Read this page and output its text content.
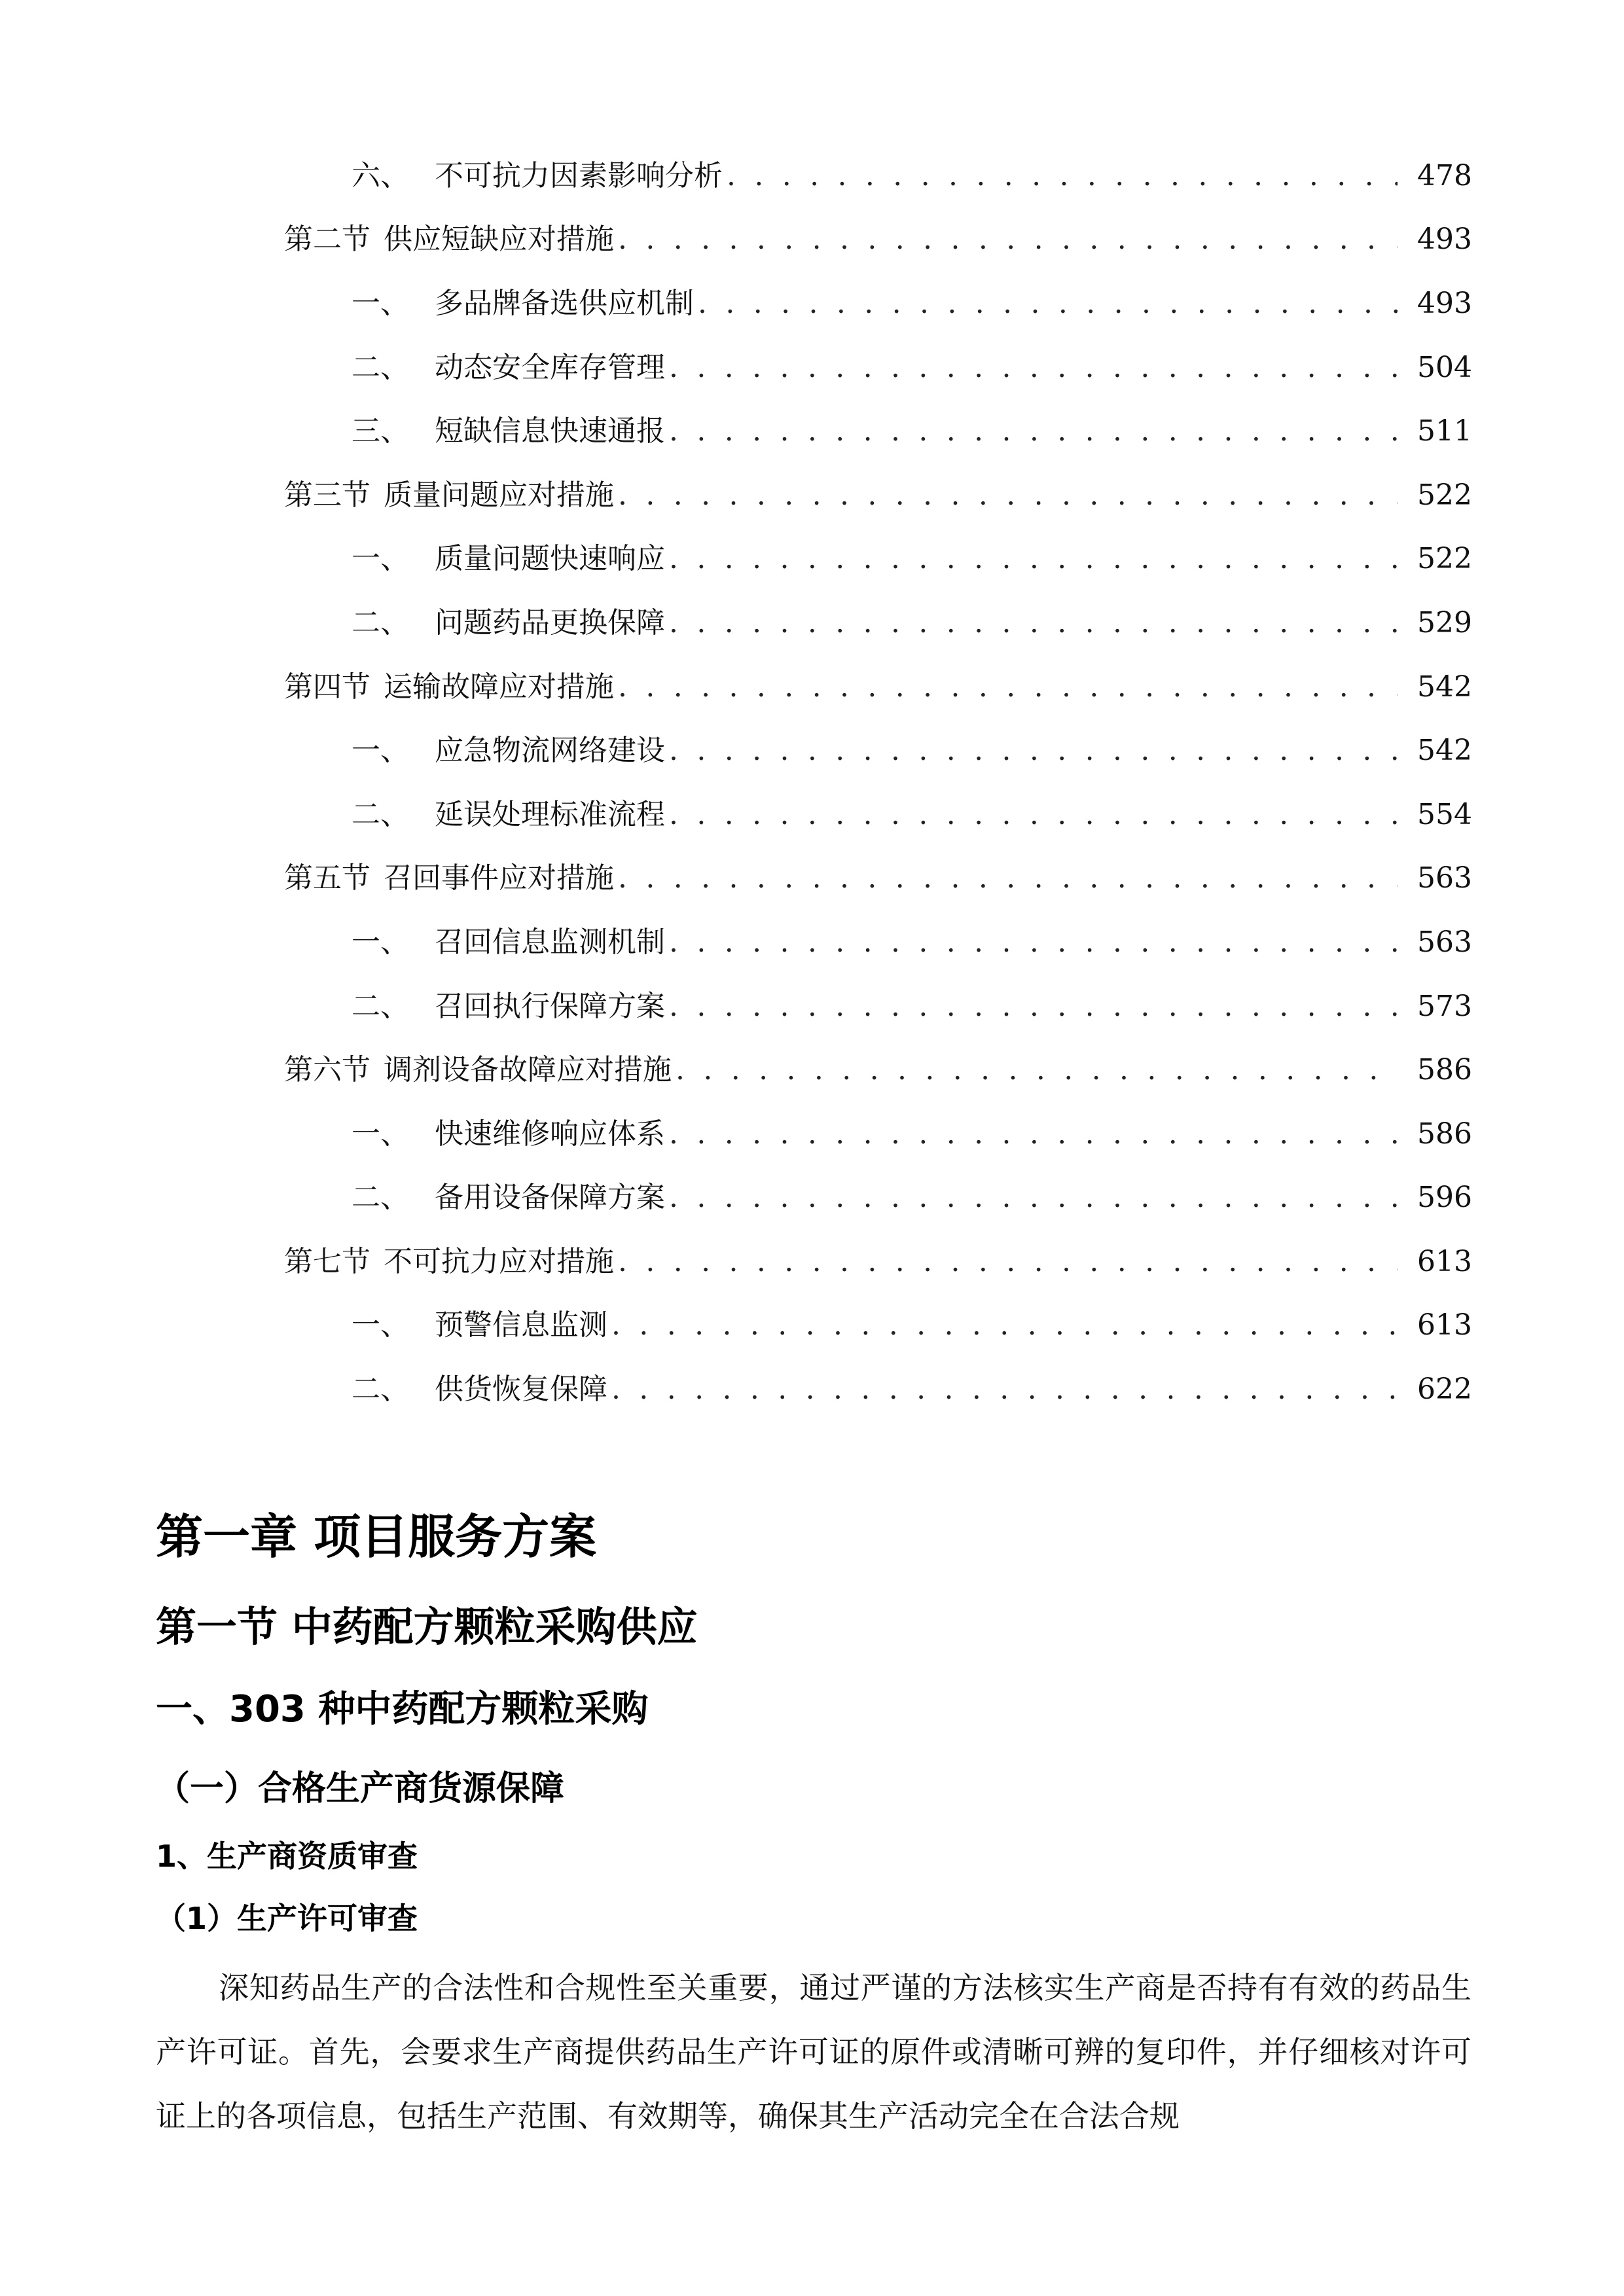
六、 不可抗力因素影响分析 . . .	478
第二节 供应短缺应对措施 . . .	493
一、 多品牌备选供应机制 . . .	493
二、 动态安全库存管理 . . .	504
三、 短缺信息快速通报 . . .	511
第三节 质量问题应对措施 . . .	522
一、 质量问题快速响应 . . .	522
二、 问题药品更换保障 . . .	529
第四节 运输故障应对措施 . . .	542
一、 应急物流网络建设 . . .	542
二、 延误处理标准流程 . . .	554
第五节 召回事件应对措施 . . .	563
一、 召回信息监测机制 . . .	563
二、 召回执行保障方案 . . .	573
第六节 调剂设备故障应对措施 . . .	586
一、 快速维修响应体系 . . .	586
二、 备用设备保障方案 . . .	596
第七节 不可抗力应对措施 . . .	613
一、 预警信息监测 . . .	613
二、 供货恢复保障 . . .	622
第一章 项目服务方案
第一节 中药配方颗粒采购供应
一、303 种中药配方颗粒采购
（一）合格生产商货源保障
1、生产商资质审查
（1）生产许可审查
深知药品生产的合法性和合规性至关重要，通过严谨的方法核实生产商是否持有有效的药品生产许可证。首先，会要求生产商提供药品生产许可证的原件或清晰可辨的复印件，并仔细核对许可证上的各项信息，包括生产范围、有效期等，确保其生产活动完全在合法合规
